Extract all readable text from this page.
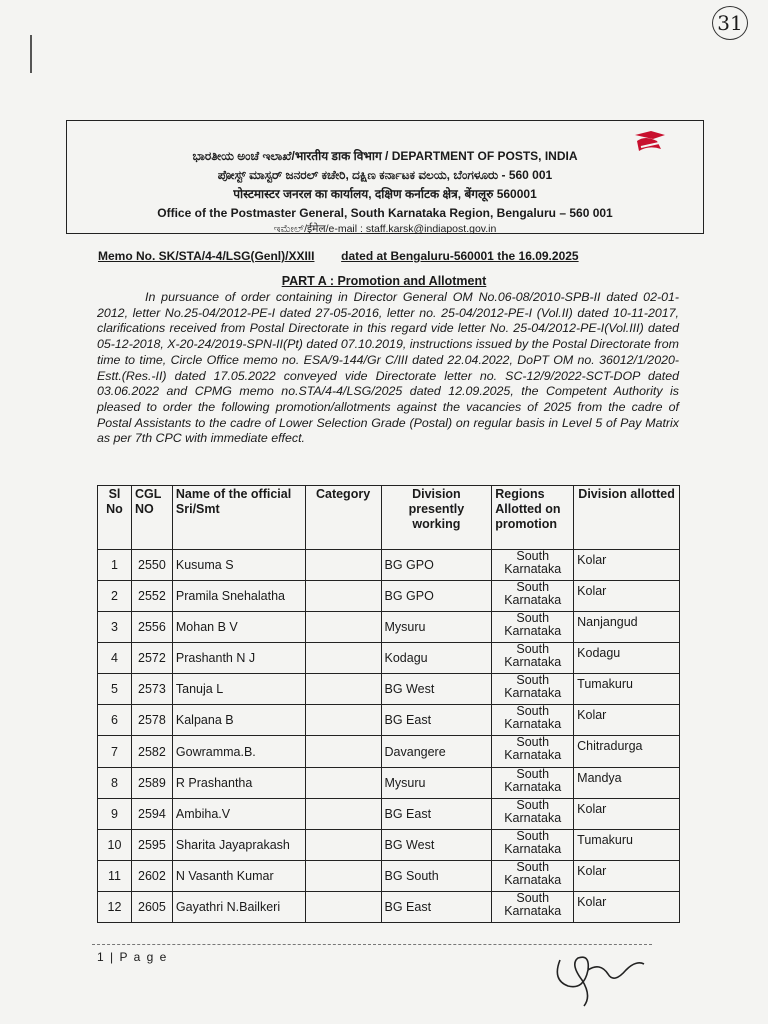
31
ಭಾರತೀಯ ಅಂಚೆ ಇಲಾಖೆ/भारतीय डाक विभाग / DEPARTMENT OF POSTS, INDIA
ಪೋಸ್ಟ್ ಮಾಸ್ಟರ್ ಜನರಲ್ ಕಚೇರಿ, ದಕ್ಷಿಣ ಕರ್ನಾಟಕ ವಲಯ, ಬೆಂಗಳೂರು - 560 001
पोस्टमास्टर जनरल का कार्यालय, दक्षिण कर्नाटक क्षेत्र, बेंगलूरु 560001
Office of the Postmaster General, South Karnataka Region, Bengaluru – 560 001
ಇಮೇಲ್/ईमेल/e-mail : staff.karsk@indiapost.gov.in
Memo No. SK/STA/4-4/LSG(Genl)/XXIII dated at Bengaluru-560001 the 16.09.2025
PART A : Promotion and Allotment
In pursuance of order containing in Director General OM No.06-08/2010-SPB-II dated 02-01-2012, letter No.25-04/2012-PE-I dated 27-05-2016, letter no. 25-04/2012-PE-I (Vol.II) dated 10-11-2017, clarifications received from Postal Directorate in this regard vide letter No. 25-04/2012-PE-I(Vol.III) dated 05-12-2018, X-20-24/2019-SPN-II(Pt) dated 07.10.2019, instructions issued by the Postal Directorate from time to time, Circle Office memo no. ESA/9-144/Gr C/III dated 22.04.2022, DoPT OM no. 36012/1/2020-Estt.(Res.-II) dated 17.05.2022 conveyed vide Directorate letter no. SC-12/9/2022-SCT-DOP dated 03.06.2022 and CPMG memo no.STA/4-4/LSG/2025 dated 12.09.2025, the Competent Authority is pleased to order the following promotion/allotments against the vacancies of 2025 from the cadre of Postal Assistants to the cadre of Lower Selection Grade (Postal) on regular basis in Level 5 of Pay Matrix as per 7th CPC with immediate effect.
Sl No	CGL NO	Name of the official Sri/Smt	Category	Division presently working	Regions Allotted on promotion	Division allotted
1	2550	Kusuma S		BG GPO	South Karnataka	Kolar
2	2552	Pramila Snehalatha		BG GPO	South Karnataka	Kolar
3	2556	Mohan B V		Mysuru	South Karnataka	Nanjangud
4	2572	Prashanth N J		Kodagu	South Karnataka	Kodagu
5	2573	Tanuja L		BG West	South Karnataka	Tumakuru
6	2578	Kalpana B		BG East	South Karnataka	Kolar
7	2582	Gowramma.B.		Davangere	South Karnataka	Chitradurga
8	2589	R Prashantha		Mysuru	South Karnataka	Mandya
9	2594	Ambiha.V		BG East	South Karnataka	Kolar
10	2595	Sharita Jayaprakash		BG West	South Karnataka	Tumakuru
11	2602	N Vasanth Kumar		BG South	South Karnataka	Kolar
12	2605	Gayathri N.Bailkeri		BG East	South Karnataka	Kolar
1 | P a g e
